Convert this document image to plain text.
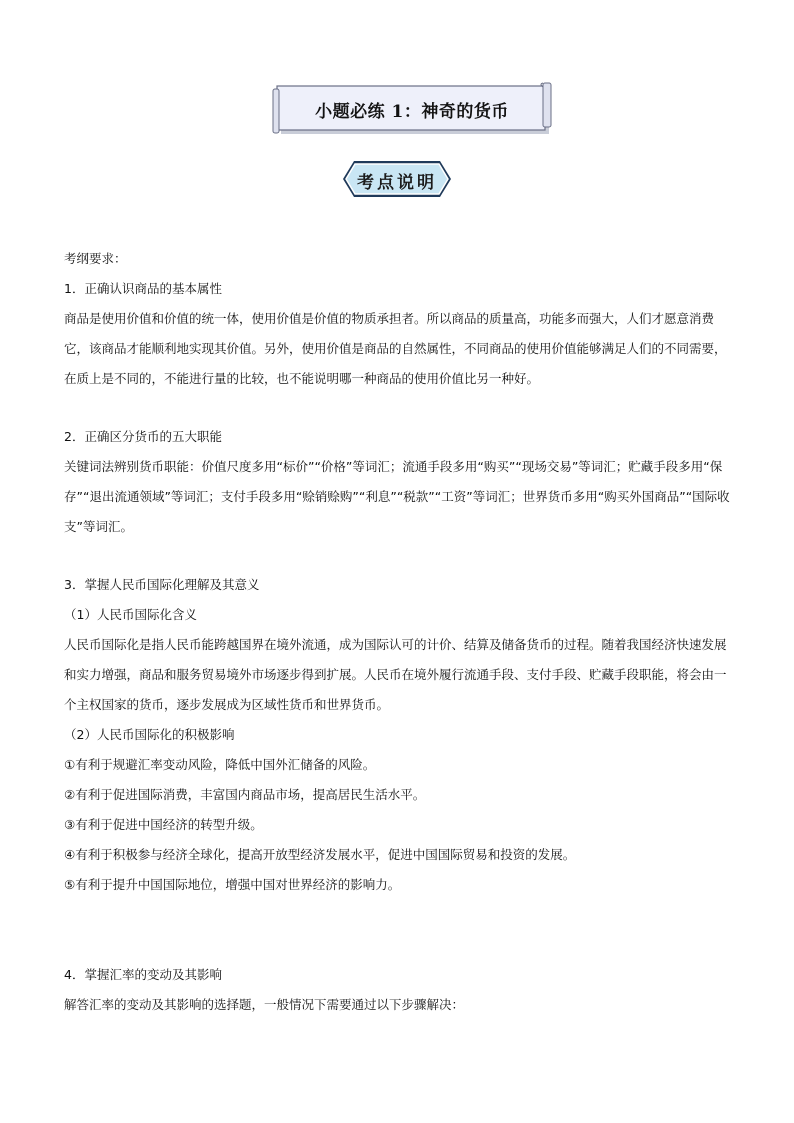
小题必练 1：神奇的货币
考点说明

考纲要求：

1．正确认识商品的基本属性

商品是使用价值和价值的统一体，使用价值是价值的物质承担者。所以商品的质量高，功能多而强大，人们才愿意消费它，该商品才能顺利地实现其价值。另外，使用价值是商品的自然属性，不同商品的使用价值能够满足人们的不同需要，在质上是不同的，不能进行量的比较，也不能说明哪一种商品的使用价值比另一种好。

2．正确区分货币的五大职能

关键词法辨别货币职能：价值尺度多用“标价”“价格”等词汇；流通手段多用“购买”“现场交易”等词汇；贮藏手段多用“保存”“退出流通领域”等词汇；支付手段多用“赊销赊购”“利息”“税款”“工资”等词汇；世界货币多用“购买外国商品”“国际收支”等词汇。

3．掌握人民币国际化理解及其意义

（1）人民币国际化含义

人民币国际化是指人民币能跨越国界在境外流通，成为国际认可的计价、结算及储备货币的过程。随着我国经济快速发展和实力增强，商品和服务贸易境外市场逐步得到扩展。人民币在境外履行流通手段、支付手段、贮藏手段职能，将会由一个主权国家的货币，逐步发展成为区域性货币和世界货币。

（2）人民币国际化的积极影响

①有利于规避汇率变动风险，降低中国外汇储备的风险。

②有利于促进国际消费，丰富国内商品市场，提高居民生活水平。

③有利于促进中国经济的转型升级。

④有利于积极参与经济全球化，提高开放型经济发展水平，促进中国国际贸易和投资的发展。

⑤有利于提升中国国际地位，增强中国对世界经济的影响力。

4．掌握汇率的变动及其影响

解答汇率的变动及其影响的选择题，一般情况下需要通过以下步骤解决：
